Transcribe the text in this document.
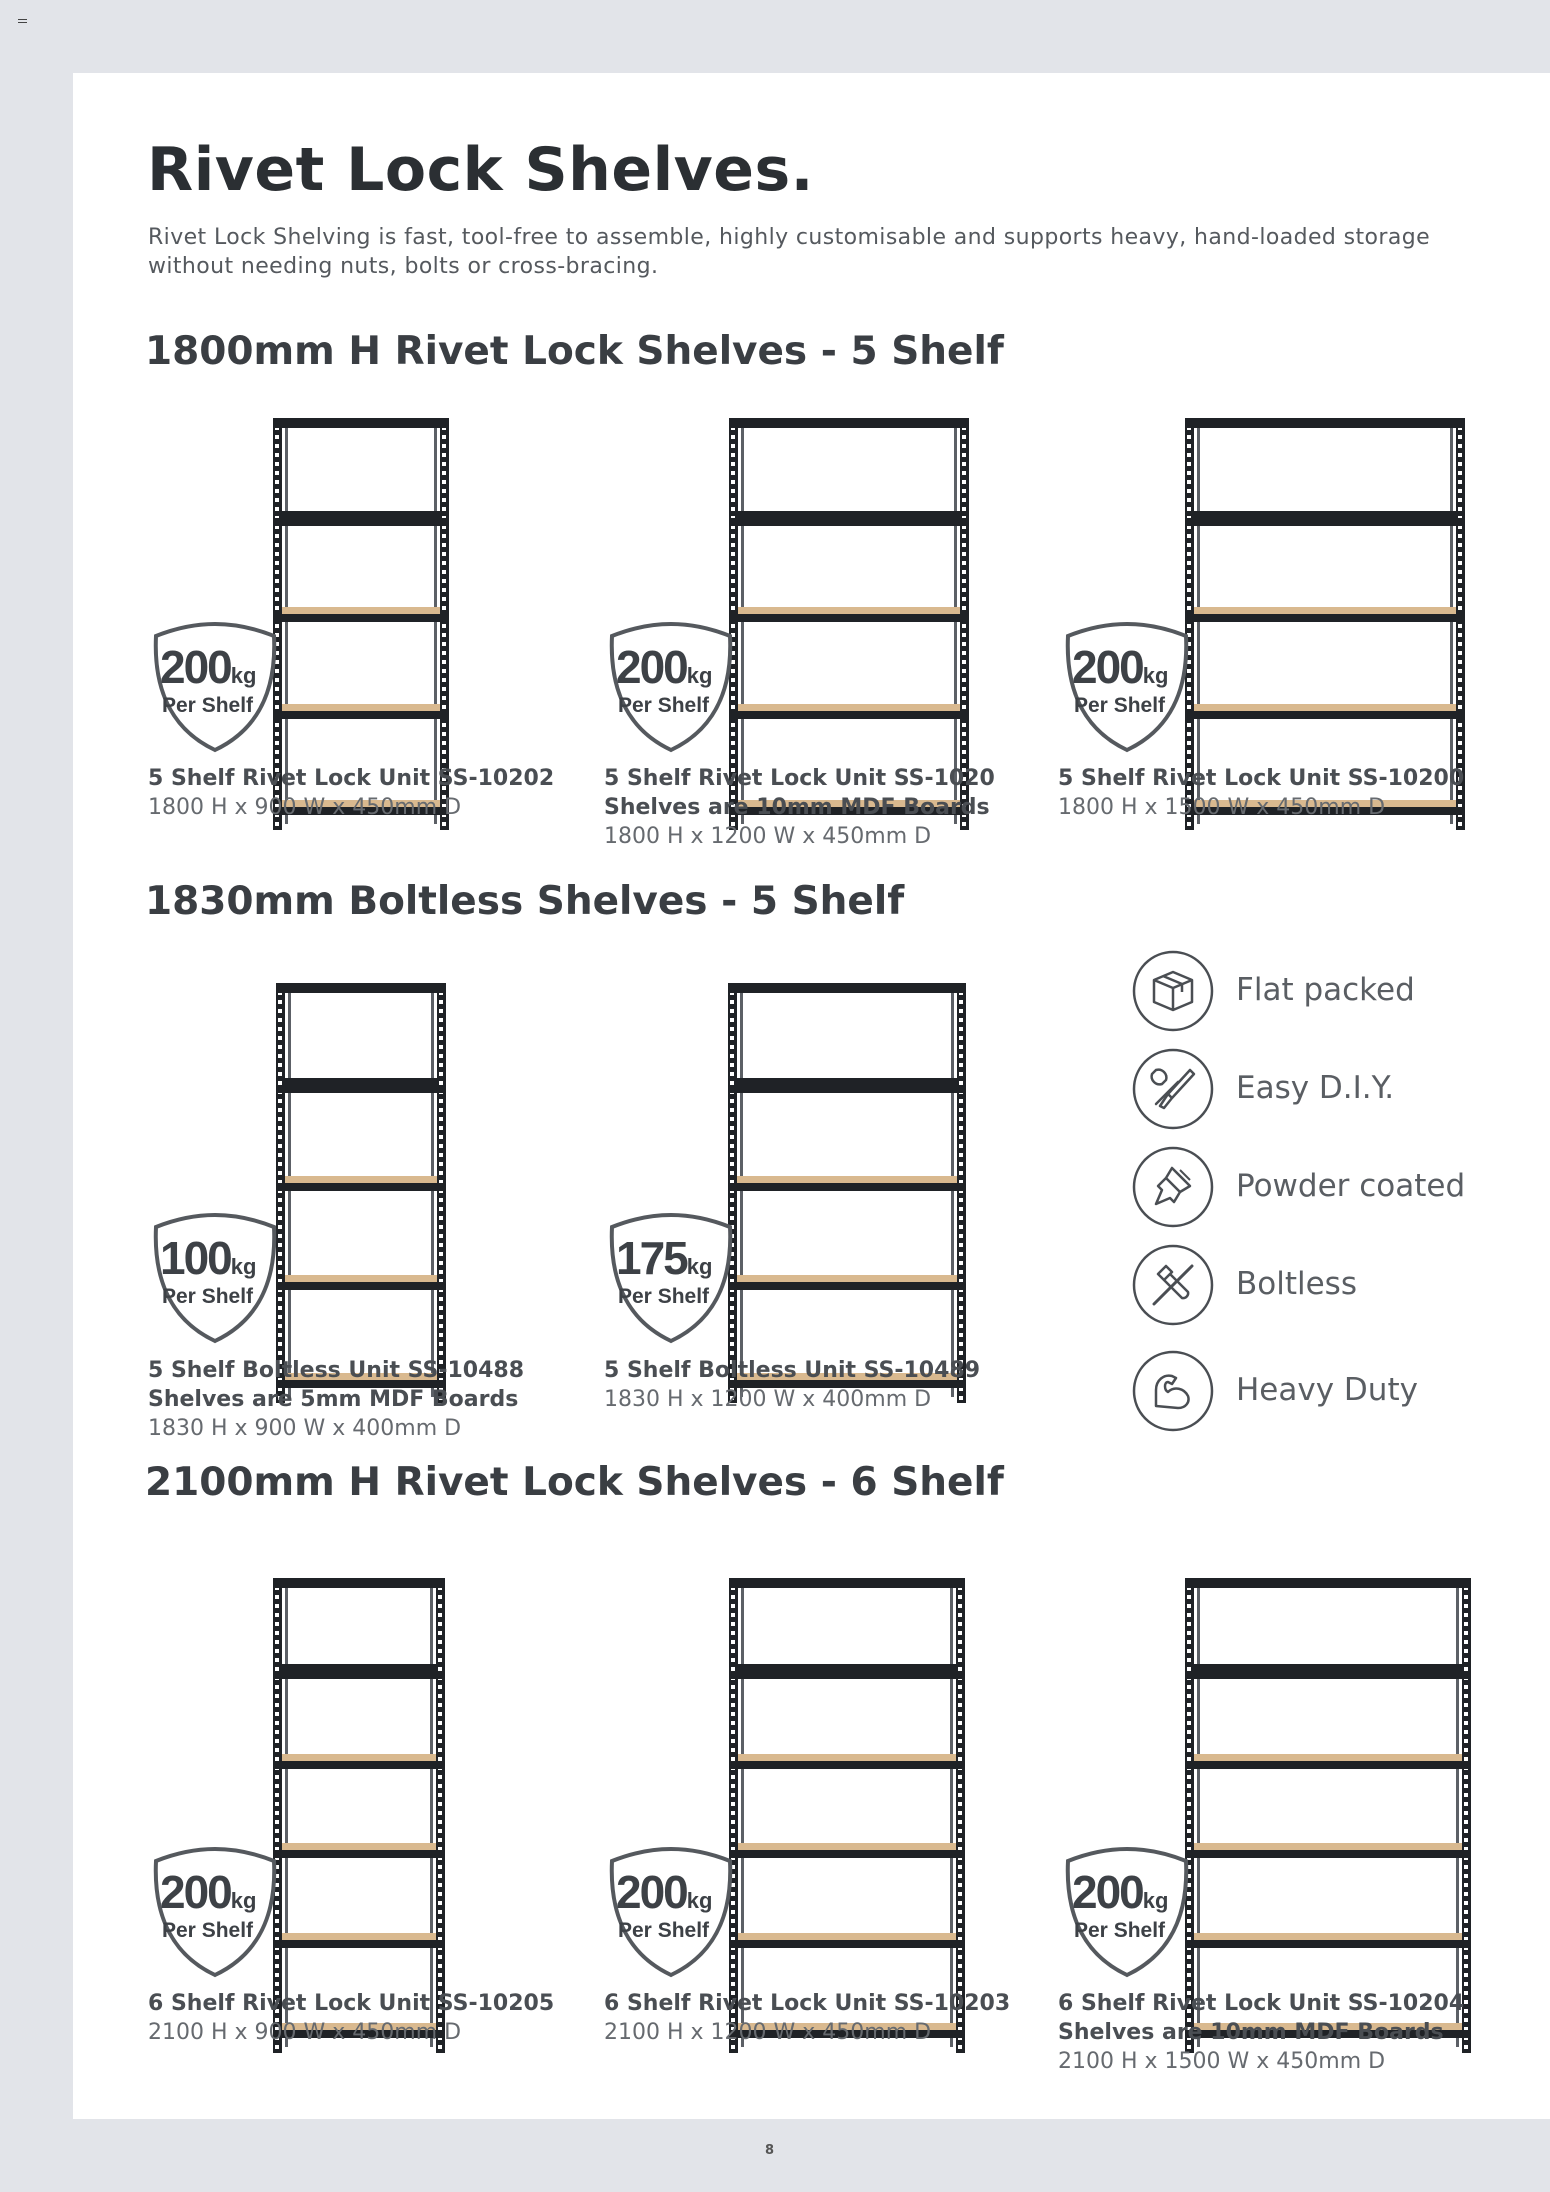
Rivet Lock Shelves.
Rivet Lock Shelving is fast, tool-free to assemble, highly customisable and supports heavy, hand-loaded storage without needing nuts, bolts or cross-bracing.
1800mm H Rivet Lock Shelves - 5 Shelf
1830mm Boltless Shelves - 5 Shelf
2100mm H Rivet Lock Shelves - 6 Shelf
200kg
Per Shelf
5 Shelf Rivet Lock Unit SS-10202
1800 H x 900 W x 450mm D
200kg
Per Shelf
5 Shelf Rivet Lock Unit SS-1020
Shelves are 10mm MDF Boards
1800 H x 1200 W x 450mm D
200kg
Per Shelf
5 Shelf Rivet Lock Unit SS-10200
1800 H x 1500 W x 450mm D
100kg
Per Shelf
5 Shelf Boltless Unit SS-10488
Shelves are 5mm MDF Boards
1830 H x 900 W x 400mm D
175kg
Per Shelf
5 Shelf Boltless Unit SS-10489
1830 H x 1200 W x 400mm D
200kg
Per Shelf
6 Shelf Rivet Lock Unit SS-10205
2100 H x 900 W x 450mm D
200kg
Per Shelf
6 Shelf Rivet Lock Unit SS-10203
2100 H x 1200 W x 450mm D
200kg
Per Shelf
6 Shelf Rivet Lock Unit SS-10204
Shelves are 10mm MDF Boards
2100 H x 1500 W x 450mm D
Flat packed
Easy D.I.Y.
Powder coated
Boltless
Heavy Duty
8
